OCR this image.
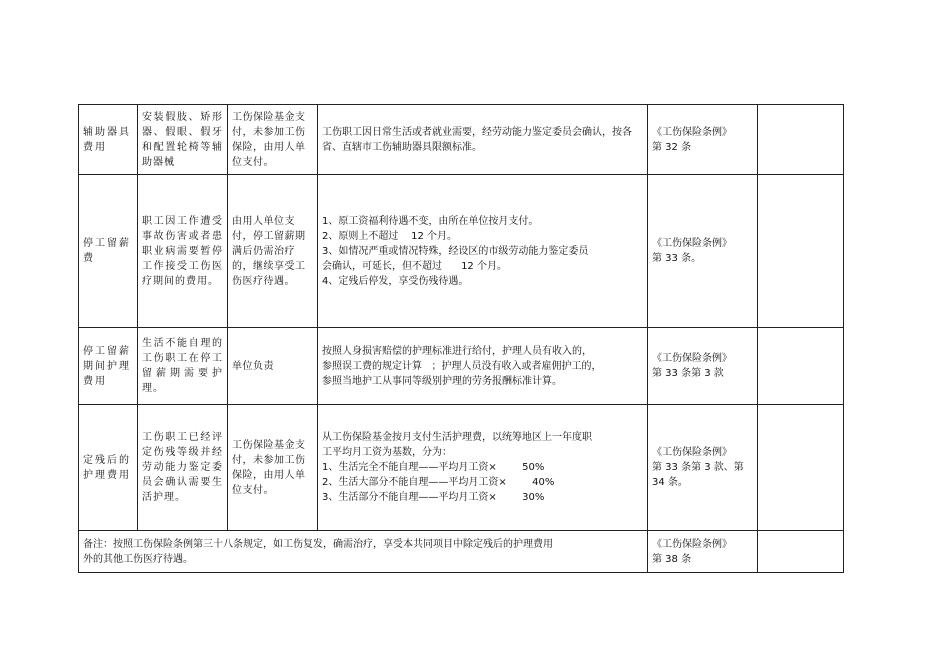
辅助器具费用	安装假肢、矫形器、假眼、假牙和配置轮椅等辅助器械	工伤保险基金支付，未参加工伤保险，由用人单位支付。	工伤职工因日常生活或者就业需要，经劳动能力鉴定委员会确认，按各省、直辖市工伤辅助器具限额标准。	《工伤保险条例》
第 32 条	

停工留薪费	职工因工作遭受事故伤害或者患职业病需要暂停工作接受工伤医疗期间的费用。	由用人单位支付，停工留薪期满后仍需治疗的，继续享受工伤医疗待遇。	1、原工资福利待遇不变，由所在单位按月支付。
2、原则上不超过    12 个月。
3、如情况严重或情况特殊，经设区的市级劳动能力鉴定委员
会确认，可延长，但不超过      12 个月。
4、定残后停发，享受伤残待遇。	《工伤保险条例》
第 33 条。	

停工留薪期间护理费用	生活不能自理的工伤职工在停工留薪期需要护理。	单位负责	按照人身损害赔偿的护理标准进行给付，护理人员有收入的，
参照误工费的规定计算   ；护理人员没有收入或者雇佣护工的，
参照当地护工从事同等级别护理的劳务报酬标准计算。	《工伤保险条例》
第 33 条第 3 款	

定残后的护理费用	工伤职工已经评定伤残等级并经劳动能力鉴定委员会确认需要生活护理。	工伤保险基金支付，未参加工伤保险，由用人单位支付。	从工伤保险基金按月支付生活护理费，以统筹地区上一年度职
工平均月工资为基数，分为：
1、生活完全不能自理——平均月工资×        50%
2、生活大部分不能自理——平均月工资×        40%
3、生活部分不能自理——平均月工资×        30%	《工伤保险条例》
第 33 条第 3 款、第
34 条。	

备注：按照工伤保险条例第三十八条规定，如工伤复发，确需治疗，享受本共同项目中除定残后的护理费用
外的其他工伤医疗待遇。				《工伤保险条例》
第 38 条	
